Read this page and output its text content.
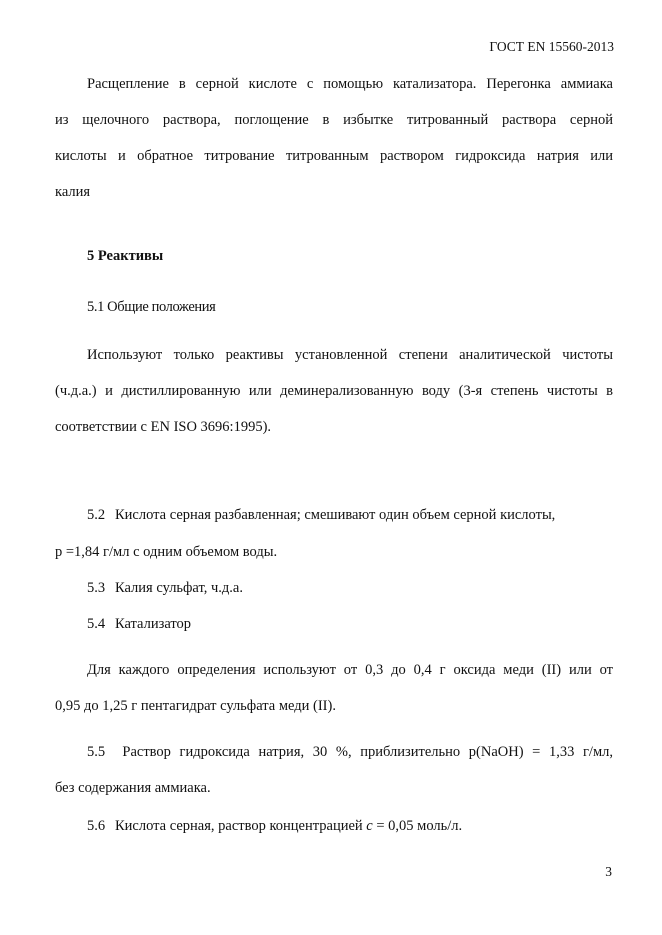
ГОСТ EN 15560-2013
Расщепление в серной кислоте с помощью катализатора. Перегонка аммиака
из щелочного раствора, поглощение в избытке титрованный раствора серной
кислоты и обратное титрование титрованным раствором гидроксида натрия или
калия
5 Реактивы
5.1 Общие положения
Используют только реактивы установленной степени аналитической чистоты
(ч.д.а.) и дистиллированную или деминерализованную воду (3-я степень чистоты в
соответствии с EN ISO 3696:1995).
5.2 Кислота серная разбавленная; смешивают один объем серной кислоты,
р =1,84 г/мл с одним объемом воды.
5.3 Калия сульфат, ч.д.а.
5.4 Катализатор
Для каждого определения используют от 0,3 до 0,4 г оксида меди (II) или от
0,95 до 1,25 г пентагидрат сульфата меди (II).
5.5 Раствор гидроксида натрия, 30 %, приблизительно р(NaOH) = 1,33 г/мл,
без содержания аммиака.
5.6 Кислота серная, раствор концентрацией с = 0,05 моль/л.
3
